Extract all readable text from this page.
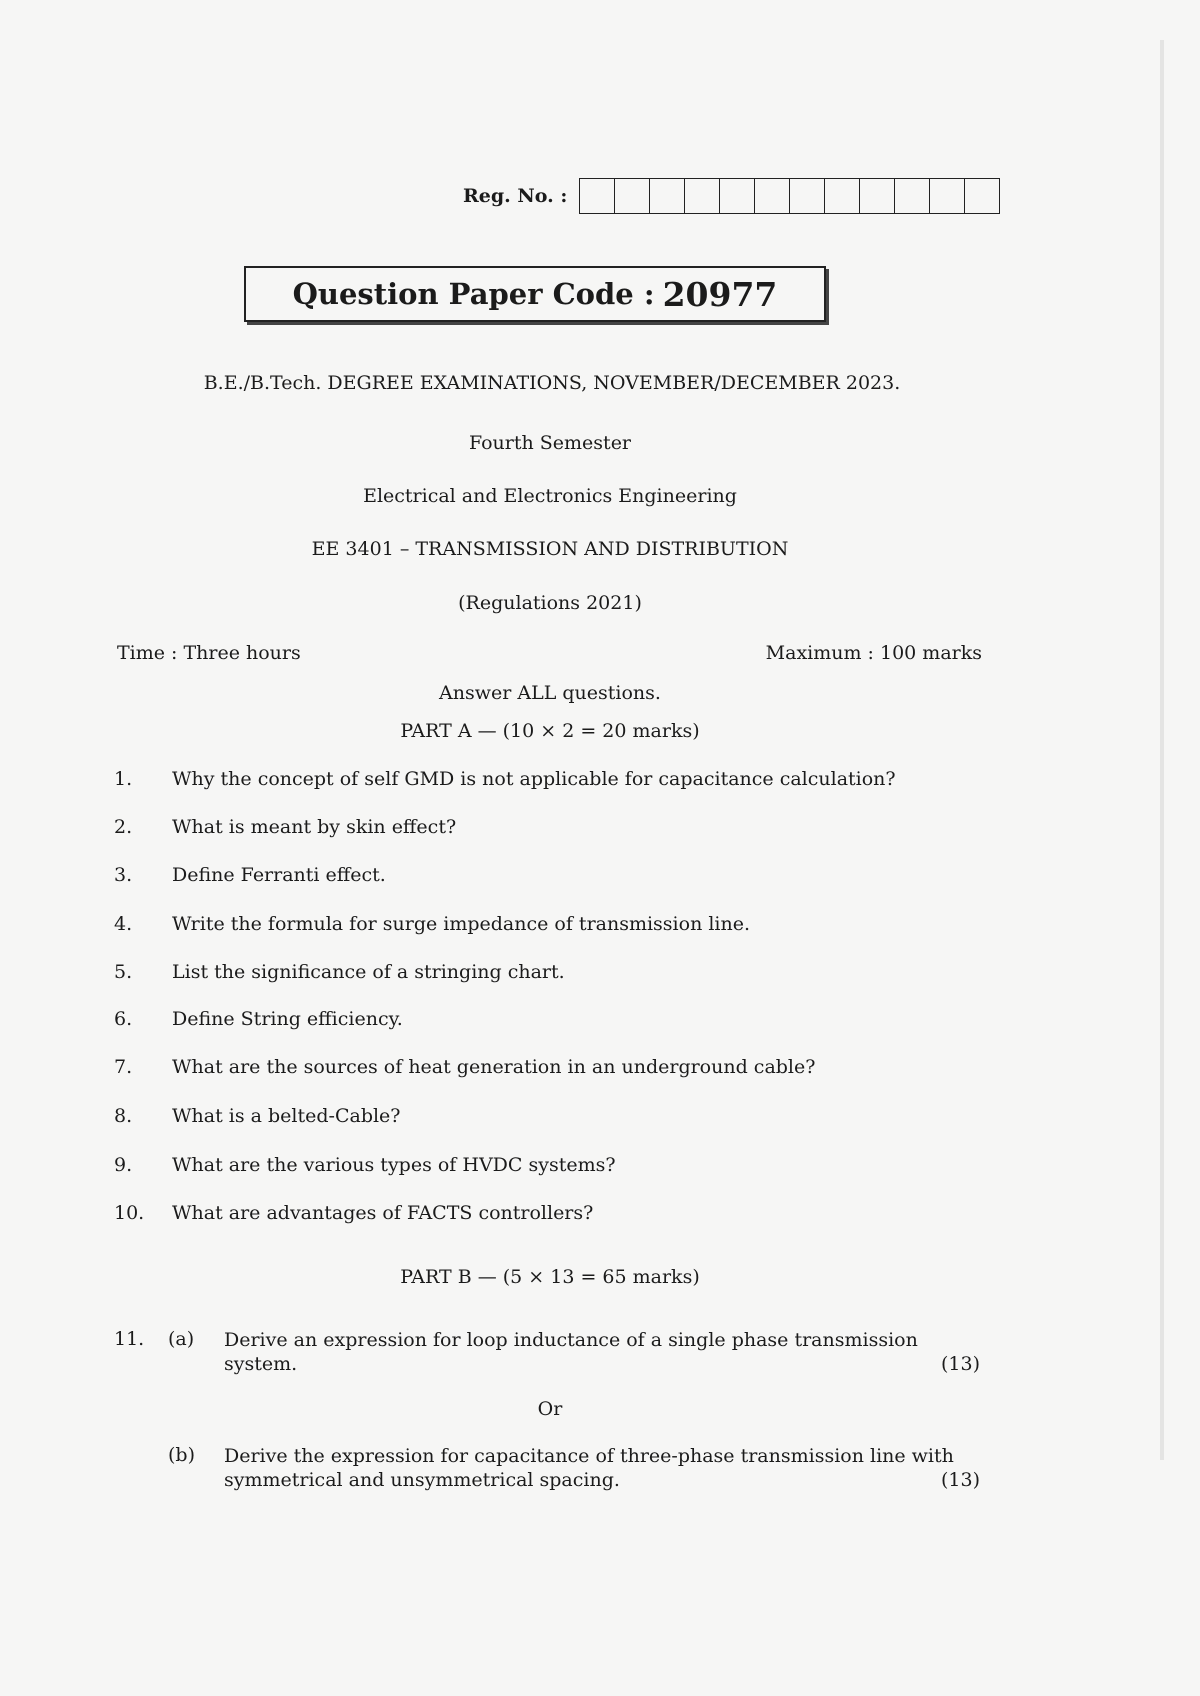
Reg. No. :
Question Paper Code : 20977
B.E./B.Tech. DEGREE EXAMINATIONS, NOVEMBER/DECEMBER 2023.
Fourth Semester
Electrical and Electronics Engineering
EE 3401 – TRANSMISSION AND DISTRIBUTION
(Regulations 2021)
Time : Three hours	Maximum : 100 marks
Answer ALL questions.
PART A — (10 × 2 = 20 marks)
1.	Why the concept of self GMD is not applicable for capacitance calculation?
2.	What is meant by skin effect?
3.	Define Ferranti effect.
4.	Write the formula for surge impedance of transmission line.
5.	List the significance of a stringing chart.
6.	Define String efficiency.
7.	What are the sources of heat generation in an underground cable?
8.	What is a belted-Cable?
9.	What are the various types of HVDC systems?
10.	What are advantages of FACTS controllers?
PART B — (5 × 13 = 65 marks)
11.	(a)	Derive an expression for loop inductance of a single phase transmission system.	(13)
Or
(b)	Derive the expression for capacitance of three-phase transmission line with symmetrical and unsymmetrical spacing.	(13)
